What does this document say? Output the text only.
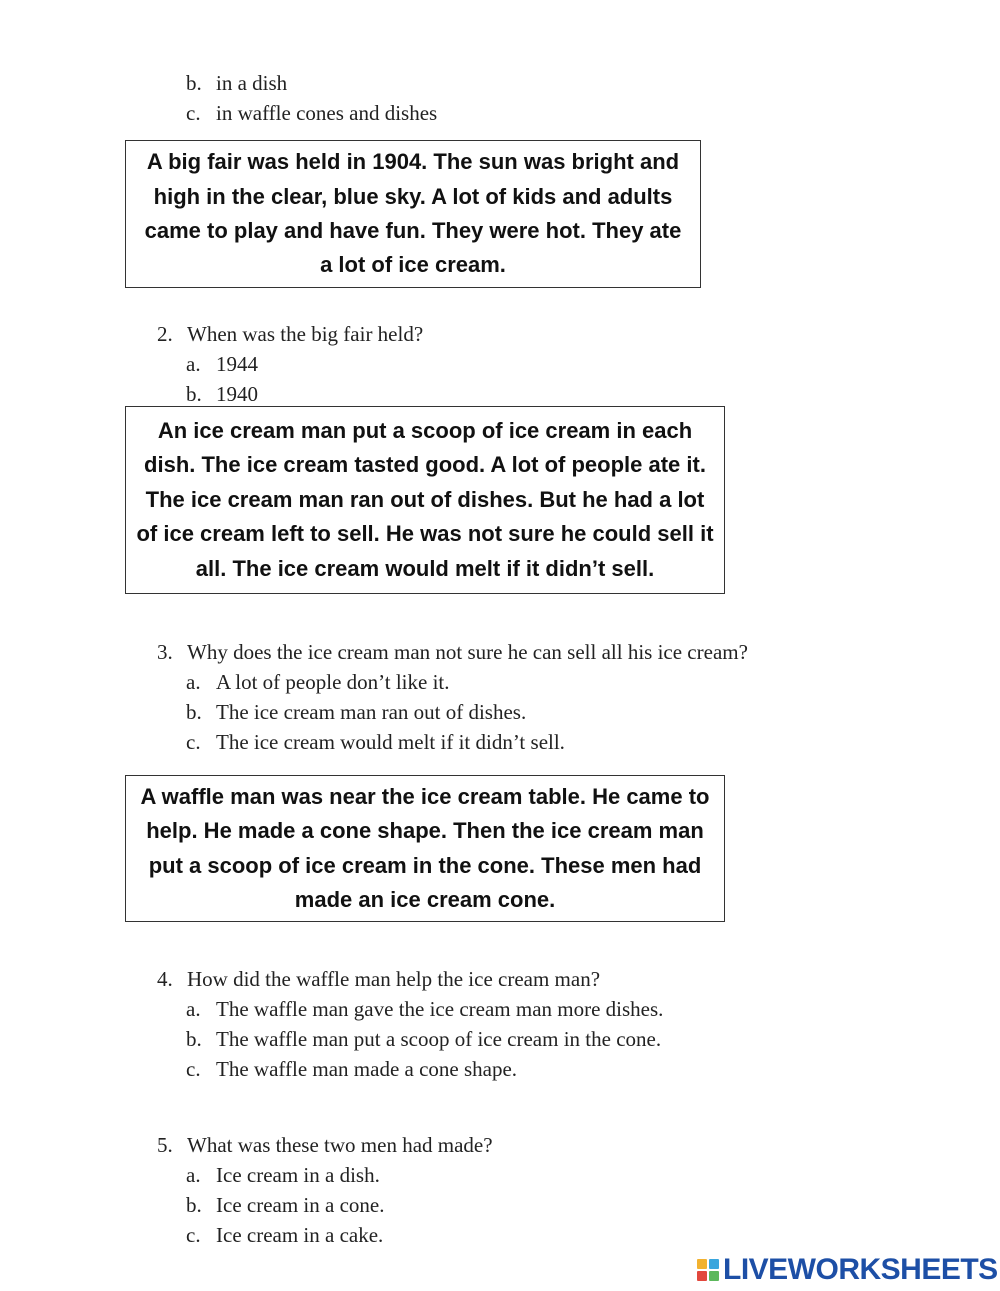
b. in a dish
c. in waffle cones and dishes
A big fair was held in 1904. The sun was bright and high in the clear, blue sky. A lot of kids and adults came to play and have fun. They were hot. They ate a lot of ice cream.
2. When was the big fair held?
a. 1944
b. 1940
An ice cream man put a scoop of ice cream in each dish. The ice cream tasted good. A lot of people ate it. The ice cream man ran out of dishes. But he had a lot of ice cream left to sell. He was not sure he could sell it all. The ice cream would melt if it didn’t sell.
3. Why does the ice cream man not sure he can sell all his ice cream?
a. A lot of people don’t like it.
b. The ice cream man ran out of dishes.
c. The ice cream would melt if it didn’t sell.
A waffle man was near the ice cream table. He came to help. He made a cone shape. Then the ice cream man put a scoop of ice cream in the cone. These men had made an ice cream cone.
4. How did the waffle man help the ice cream man?
a. The waffle man gave the ice cream man more dishes.
b. The waffle man put a scoop of ice cream in the cone.
c. The waffle man made a cone shape.
5. What was these two men had made?
a. Ice cream in a dish.
b. Ice cream in a cone.
c. Ice cream in a cake.
LIVEWORKSHEETS
